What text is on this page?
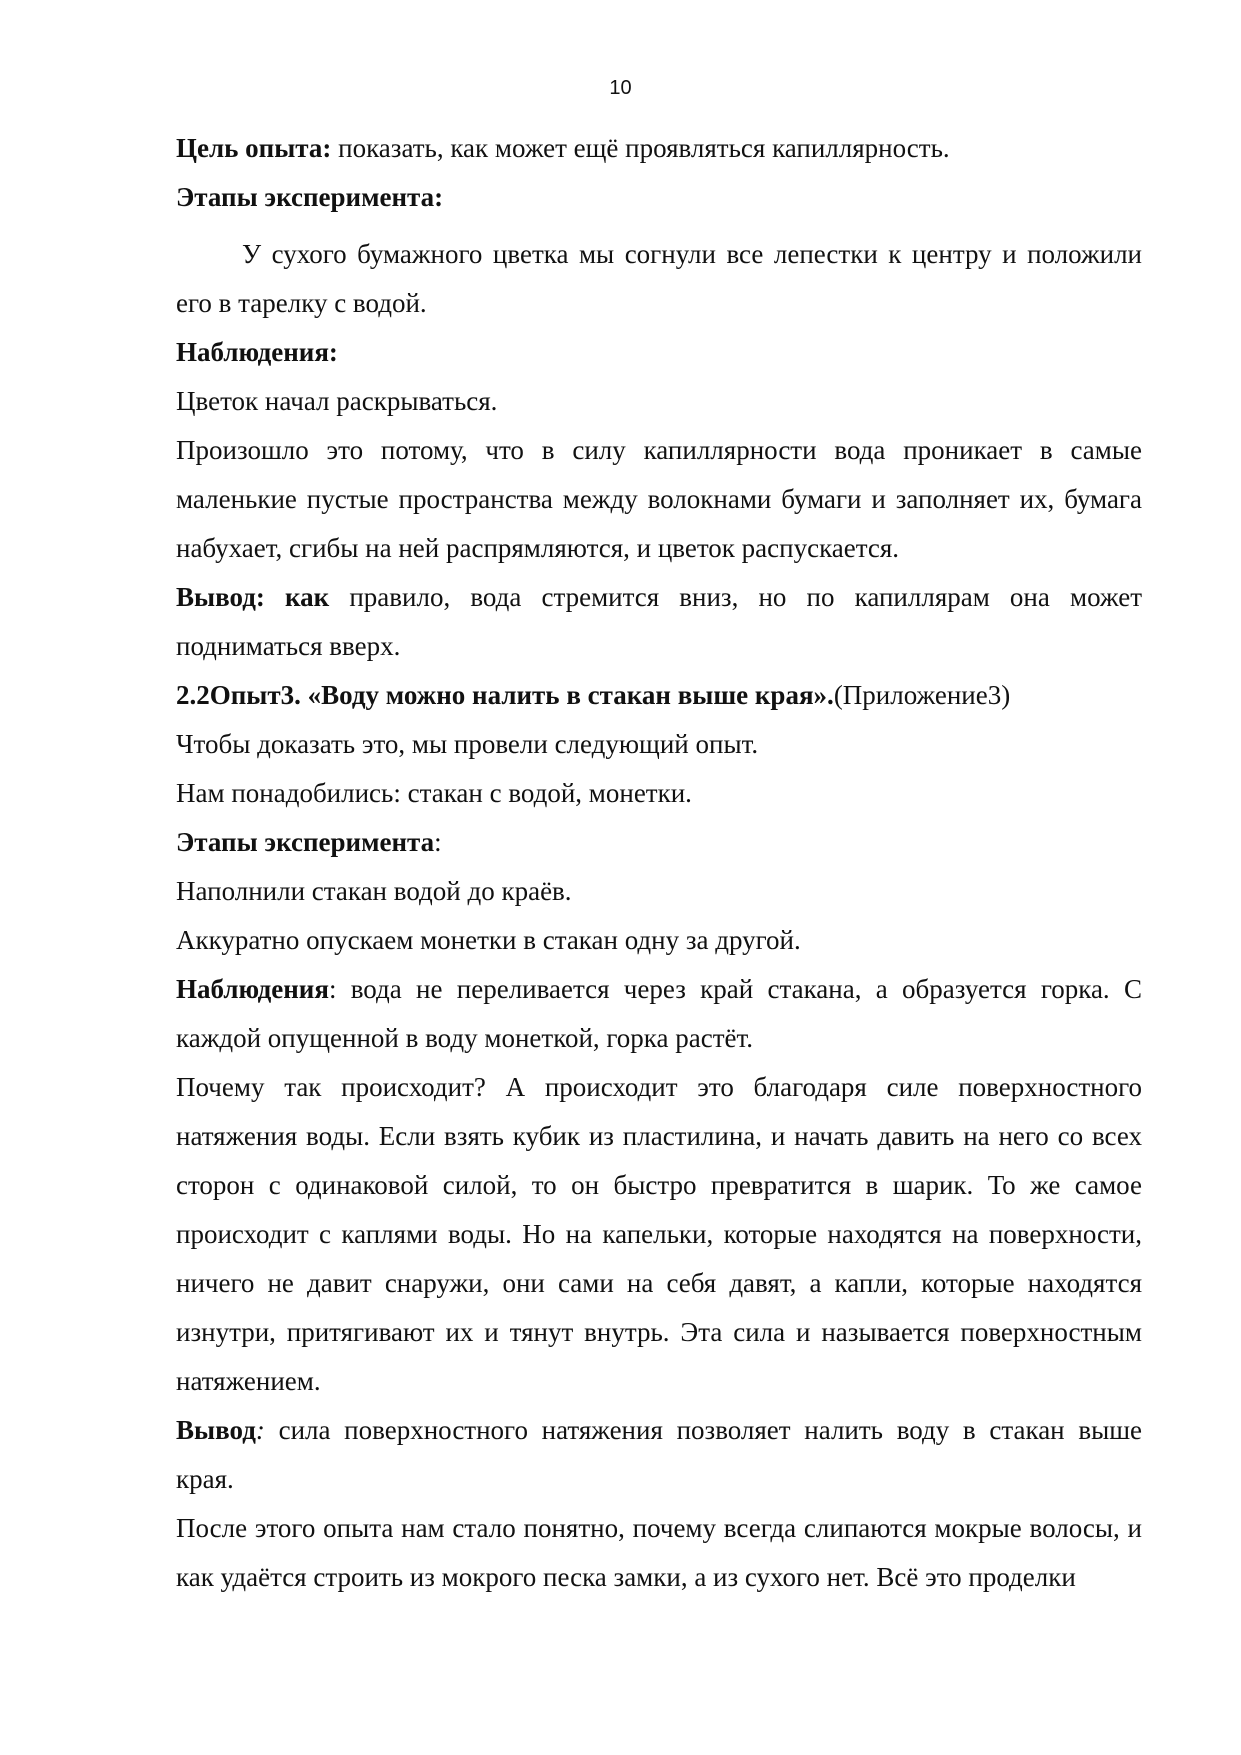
10

Цель опыта: показать, как может ещё проявляться капиллярность.

Этапы эксперимента:

У сухого бумажного цветка мы согнули все лепестки к центру и положили его в тарелку с водой.

Наблюдения:

Цветок начал раскрываться.

Произошло это потому, что в силу капиллярности вода проникает в самые маленькие пустые пространства между волокнами бумаги и заполняет их, бумага набухает, сгибы на ней распрямляются, и цветок распускается.

Вывод: как правило, вода стремится вниз, но по капиллярам она может подниматься вверх.

2.2Опыт3. «Воду можно налить в стакан выше края».(Приложение3)

Чтобы доказать это, мы провели следующий опыт.

Нам понадобились: стакан с водой, монетки.

Этапы эксперимента:

Наполнили стакан водой до краёв.

Аккуратно опускаем монетки в стакан одну за другой.

Наблюдения: вода не переливается через край стакана, а образуется горка. С каждой опущенной в воду монеткой, горка растёт.

Почему так происходит? А происходит это благодаря силе поверхностного натяжения воды. Если взять кубик из пластилина, и начать давить на него со всех сторон с одинаковой силой, то он быстро превратится в шарик. То же самое происходит с каплями воды. Но на капельки, которые находятся на поверхности, ничего не давит снаружи, они сами на себя давят, а капли, которые находятся изнутри, притягивают их и тянут внутрь. Эта сила и называется поверхностным натяжением.

Вывод: сила поверхностного натяжения позволяет налить воду в стакан выше края.

После этого опыта нам стало понятно, почему всегда слипаются мокрые волосы, и как удаётся строить из мокрого песка замки, а из сухого нет. Всё это проделки
